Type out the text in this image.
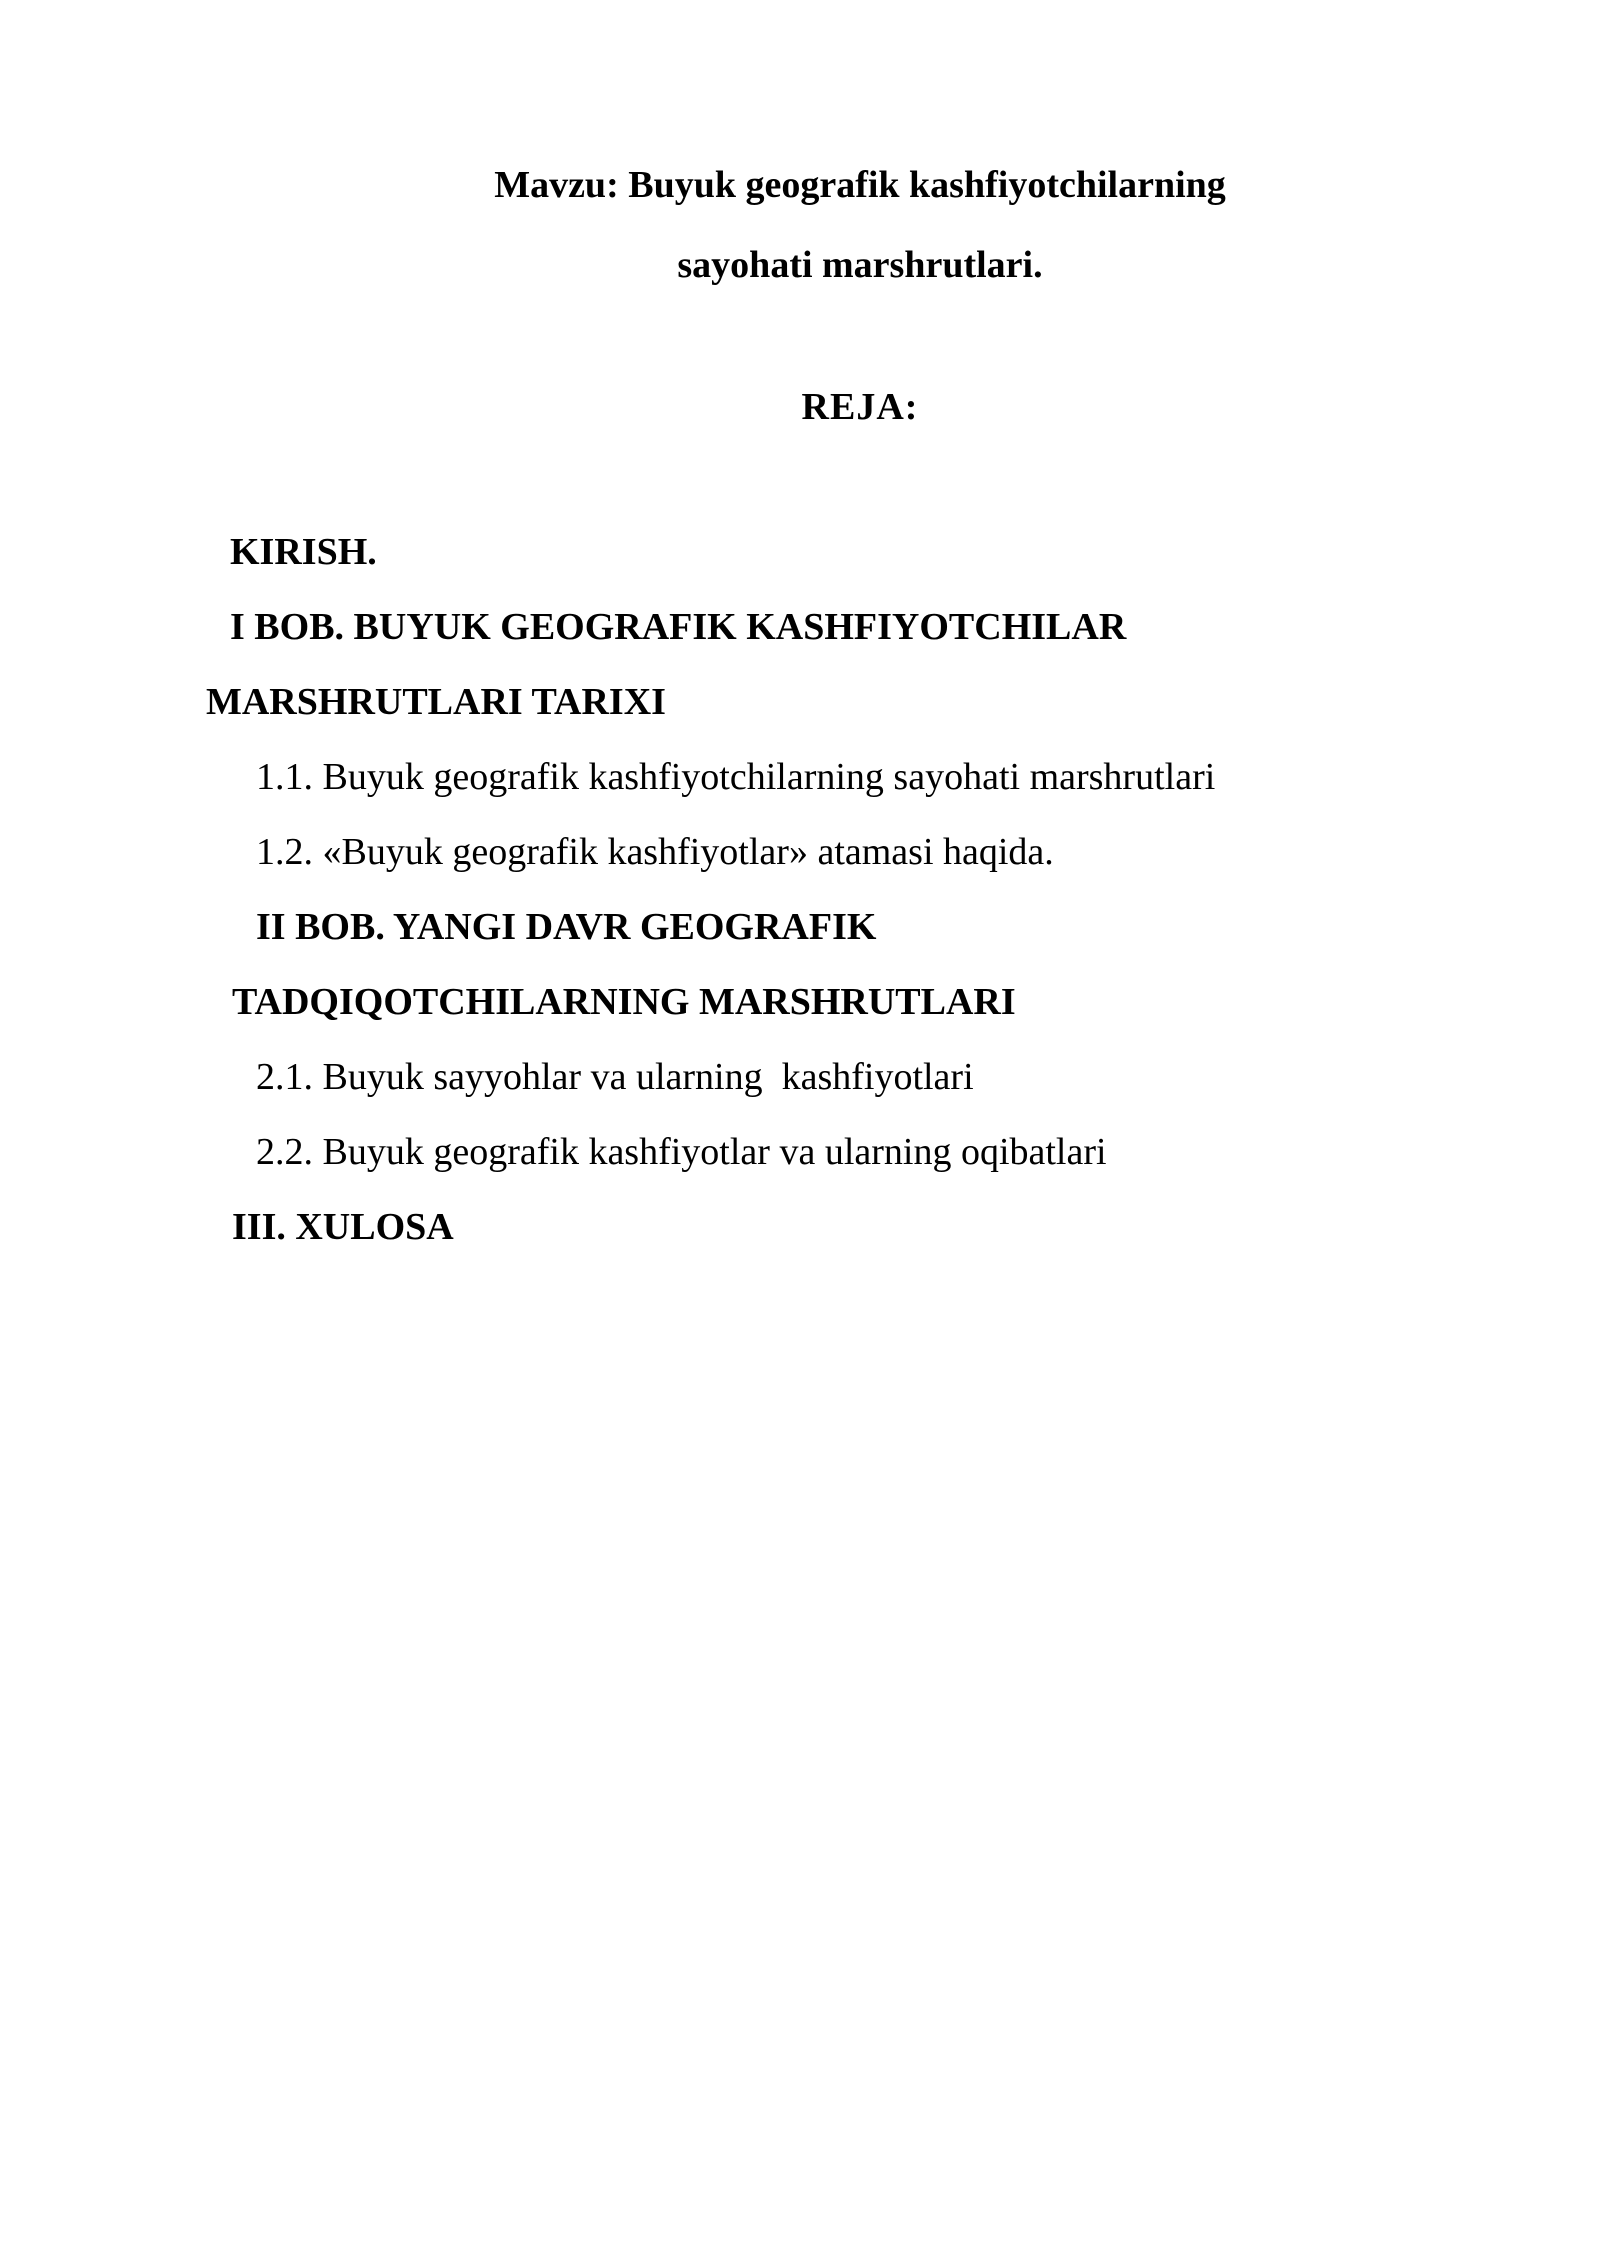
Mavzu: Buyuk geografik kashfiyotchilarning
sayohati marshrutlari.
REJA:
KIRISH.
I BOB. BUYUK GEOGRAFIK KASHFIYOTCHILAR
MARSHRUTLARI TARIXI
1.1. Buyuk geografik kashfiyotchilarning sayohati marshrutlari
1.2. «Buyuk geografik kashfiyotlar» atamasi haqida.
II BOB. YANGI DAVR GEOGRAFIK
TADQIQOTCHILARNING MARSHRUTLARI
2.1. Buyuk sayyohlar va ularning  kashfiyotlari
2.2. Buyuk geografik kashfiyotlar va ularning oqibatlari
III. XULOSA
